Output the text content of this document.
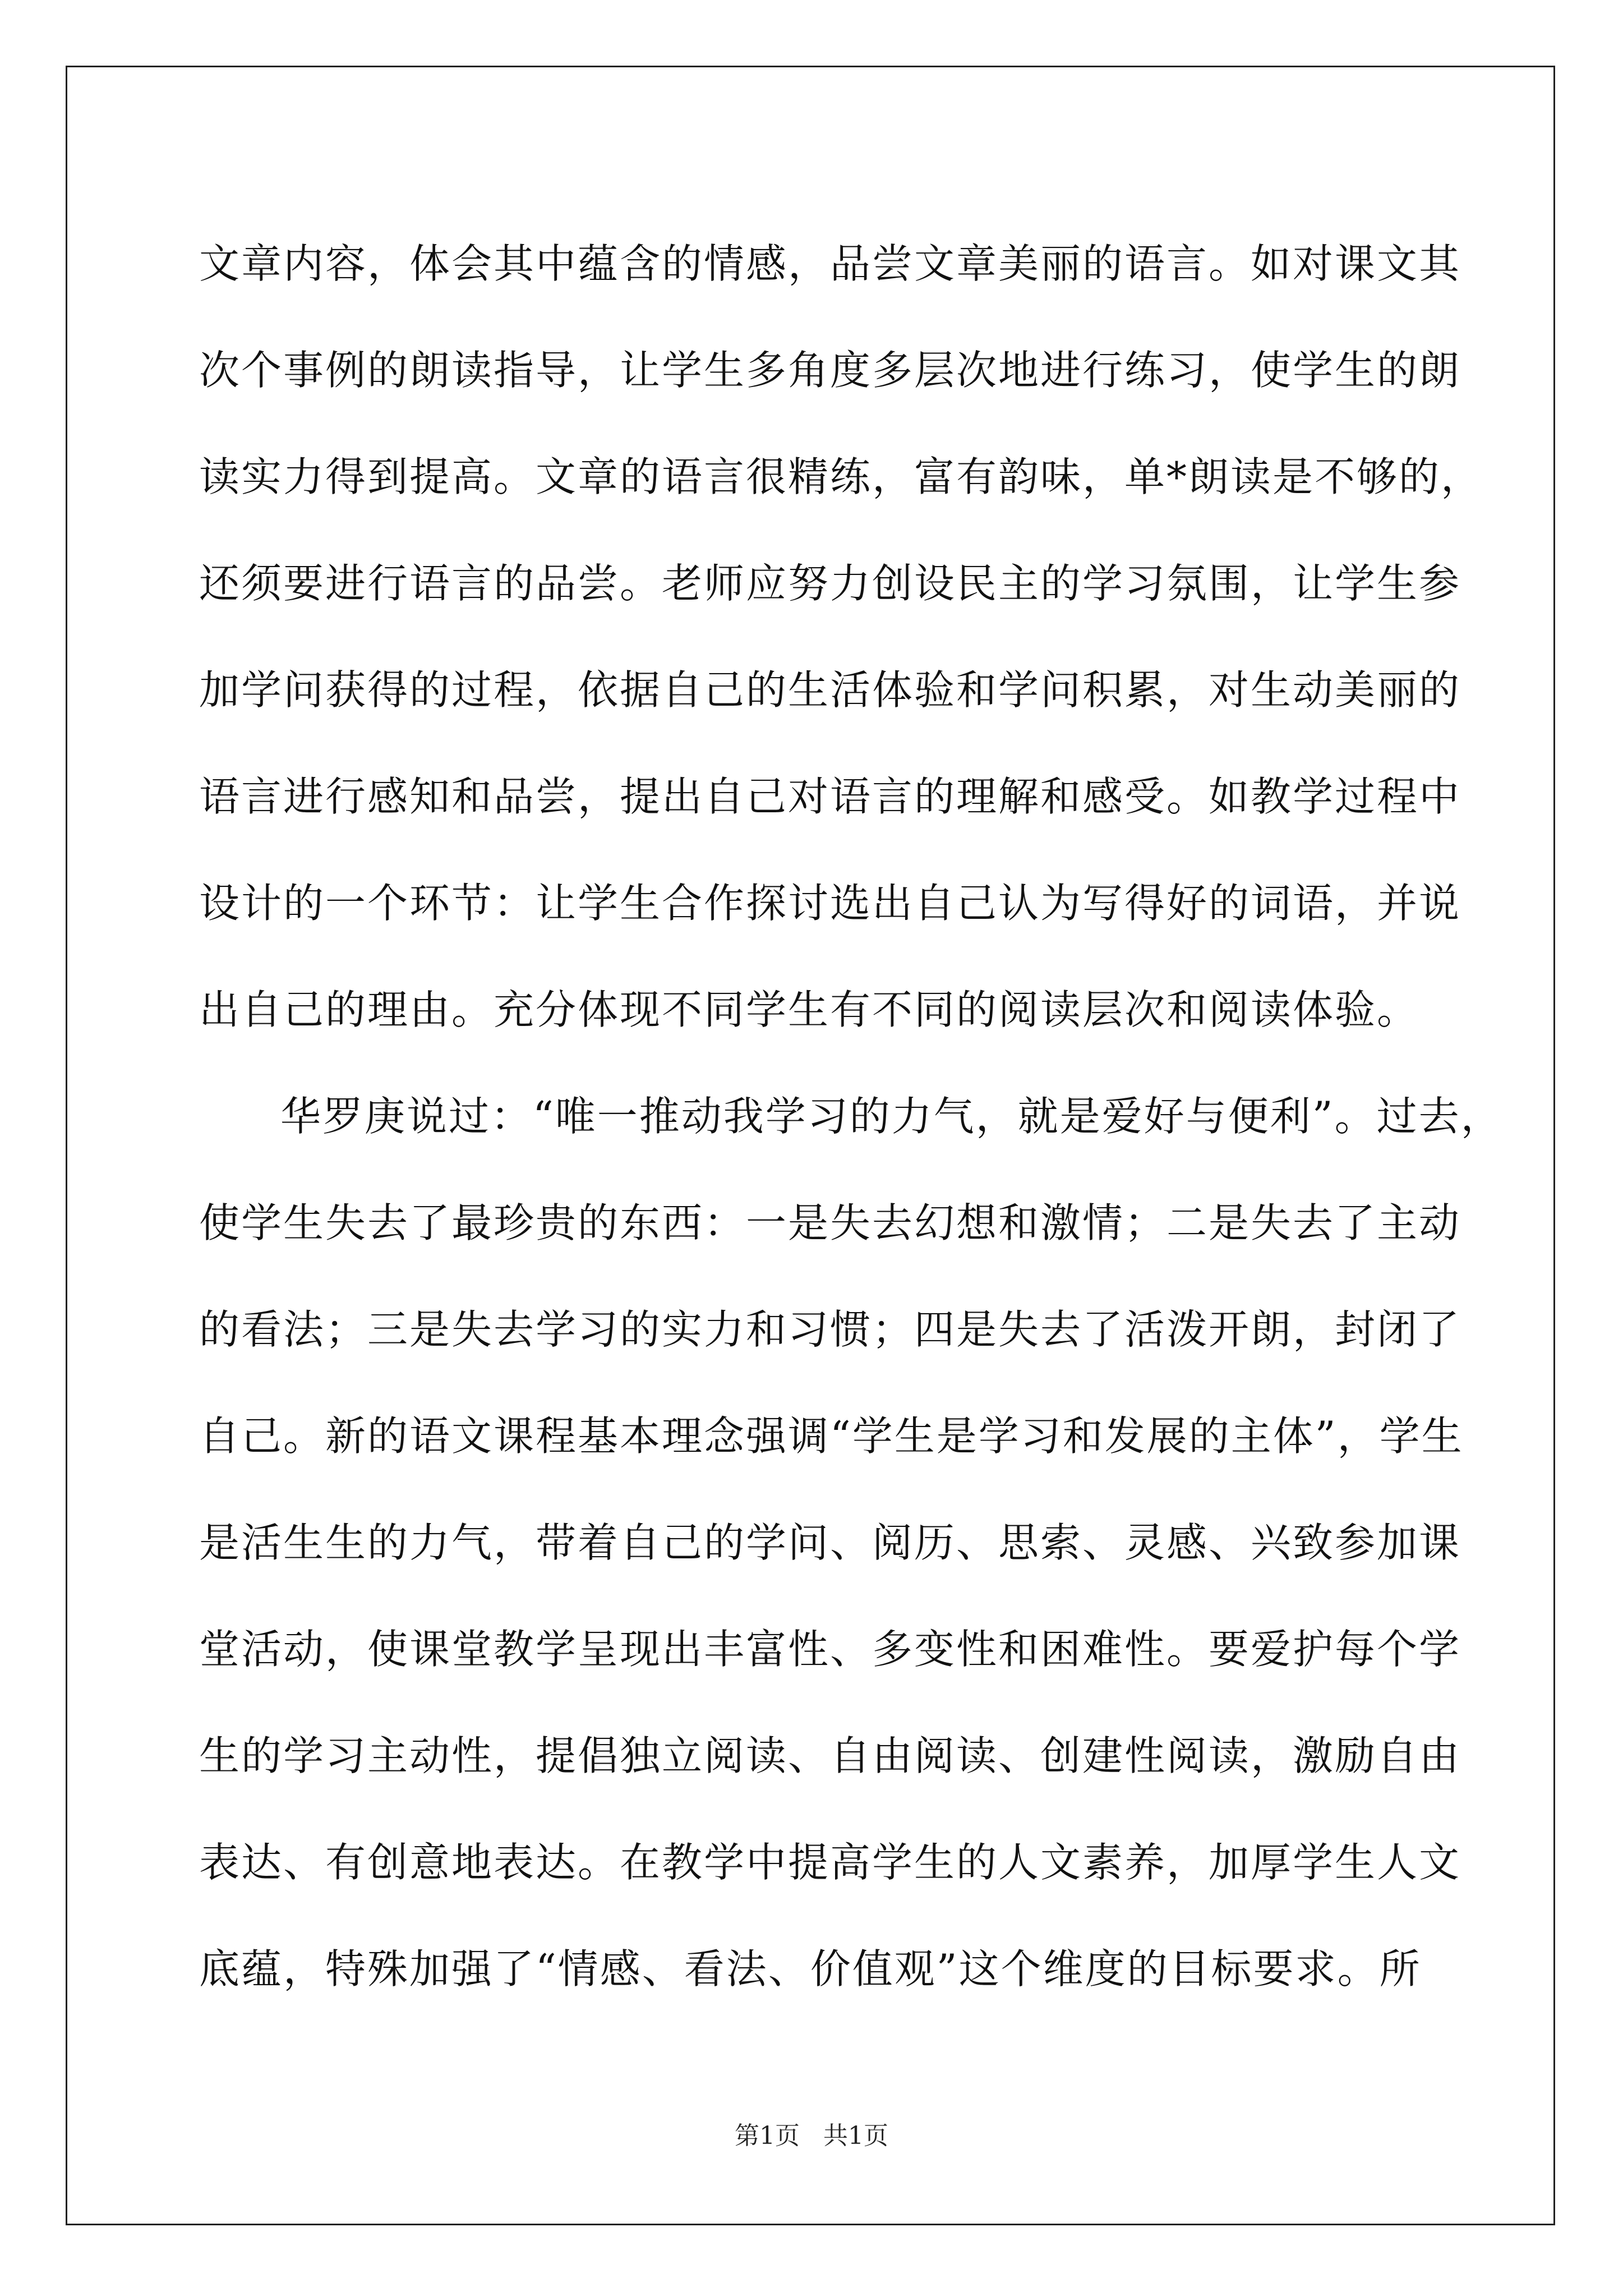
文章内容，体会其中蕴含的情感，品尝文章美丽的语言。如对课文其
次个事例的朗读指导，让学生多角度多层次地进行练习，使学生的朗
读实力得到提高。文章的语言很精练，富有韵味，单*朗读是不够的，
还须要进行语言的品尝。老师应努力创设民主的学习氛围，让学生参
加学问获得的过程，依据自己的生活体验和学问积累，对生动美丽的
语言进行感知和品尝，提出自己对语言的理解和感受。如教学过程中
设计的一个环节：让学生合作探讨选出自己认为写得好的词语，并说
出自己的理由。充分体现不同学生有不同的阅读层次和阅读体验。
华罗庚说过：“唯一推动我学习的力气，就是爱好与便利”。过去，
使学生失去了最珍贵的东西：一是失去幻想和激情；二是失去了主动
的看法；三是失去学习的实力和习惯；四是失去了活泼开朗，封闭了
自己。新的语文课程基本理念强调“学生是学习和发展的主体”，学生
是活生生的力气，带着自己的学问、阅历、思索、灵感、兴致参加课
堂活动，使课堂教学呈现出丰富性、多变性和困难性。要爱护每个学
生的学习主动性，提倡独立阅读、自由阅读、创建性阅读，激励自由
表达、有创意地表达。在教学中提高学生的人文素养，加厚学生人文
底蕴，特殊加强了“情感、看法、价值观”这个维度的目标要求。所
第1页   共1页
